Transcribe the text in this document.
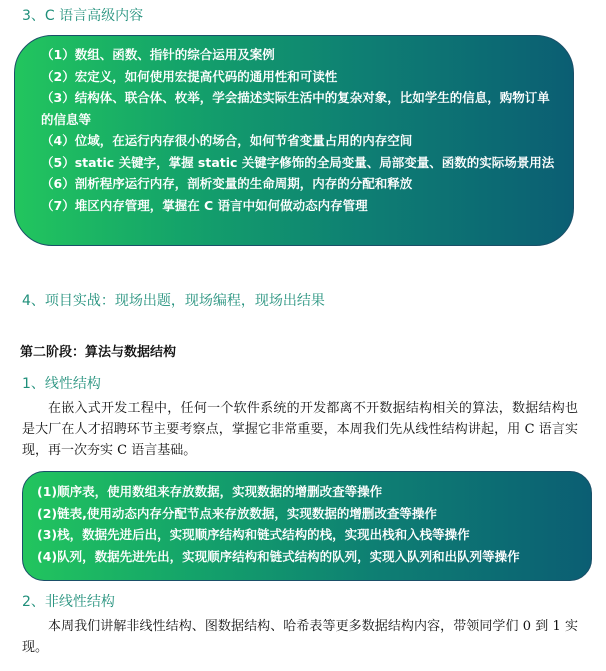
3、C 语言高级内容
（1）数组、函数、指针的综合运用及案例
（2）宏定义，如何使用宏提高代码的通用性和可读性
（3）结构体、联合体、枚举，学会描述实际生活中的复杂对象，比如学生的信息，购物订单的信息等
（4）位域，在运行内存很小的场合，如何节省变量占用的内存空间
（5）static 关键字，掌握 static 关键字修饰的全局变量、局部变量、函数的实际场景用法
（6）剖析程序运行内存，剖析变量的生命周期，内存的分配和释放
（7）堆区内存管理，掌握在 C 语言中如何做动态内存管理
4、项目实战：现场出题，现场编程，现场出结果
第二阶段：算法与数据结构
1、线性结构
在嵌入式开发工程中，任何一个软件系统的开发都离不开数据结构相关的算法，数据结构也是大厂在人才招聘环节主要考察点，掌握它非常重要，本周我们先从线性结构讲起，用 C 语言实现，再一次夯实 C 语言基础。
(1)顺序表，使用数组来存放数据，实现数据的增删改查等操作
(2)链表,使用动态内存分配节点来存放数据，实现数据的增删改查等操作
(3)栈，数据先进后出，实现顺序结构和链式结构的栈，实现出栈和入栈等操作
(4)队列，数据先进先出，实现顺序结构和链式结构的队列，实现入队列和出队列等操作
2、非线性结构
本周我们讲解非线性结构、图数据结构、哈希表等更多数据结构内容，带领同学们 0 到 1 实现。
